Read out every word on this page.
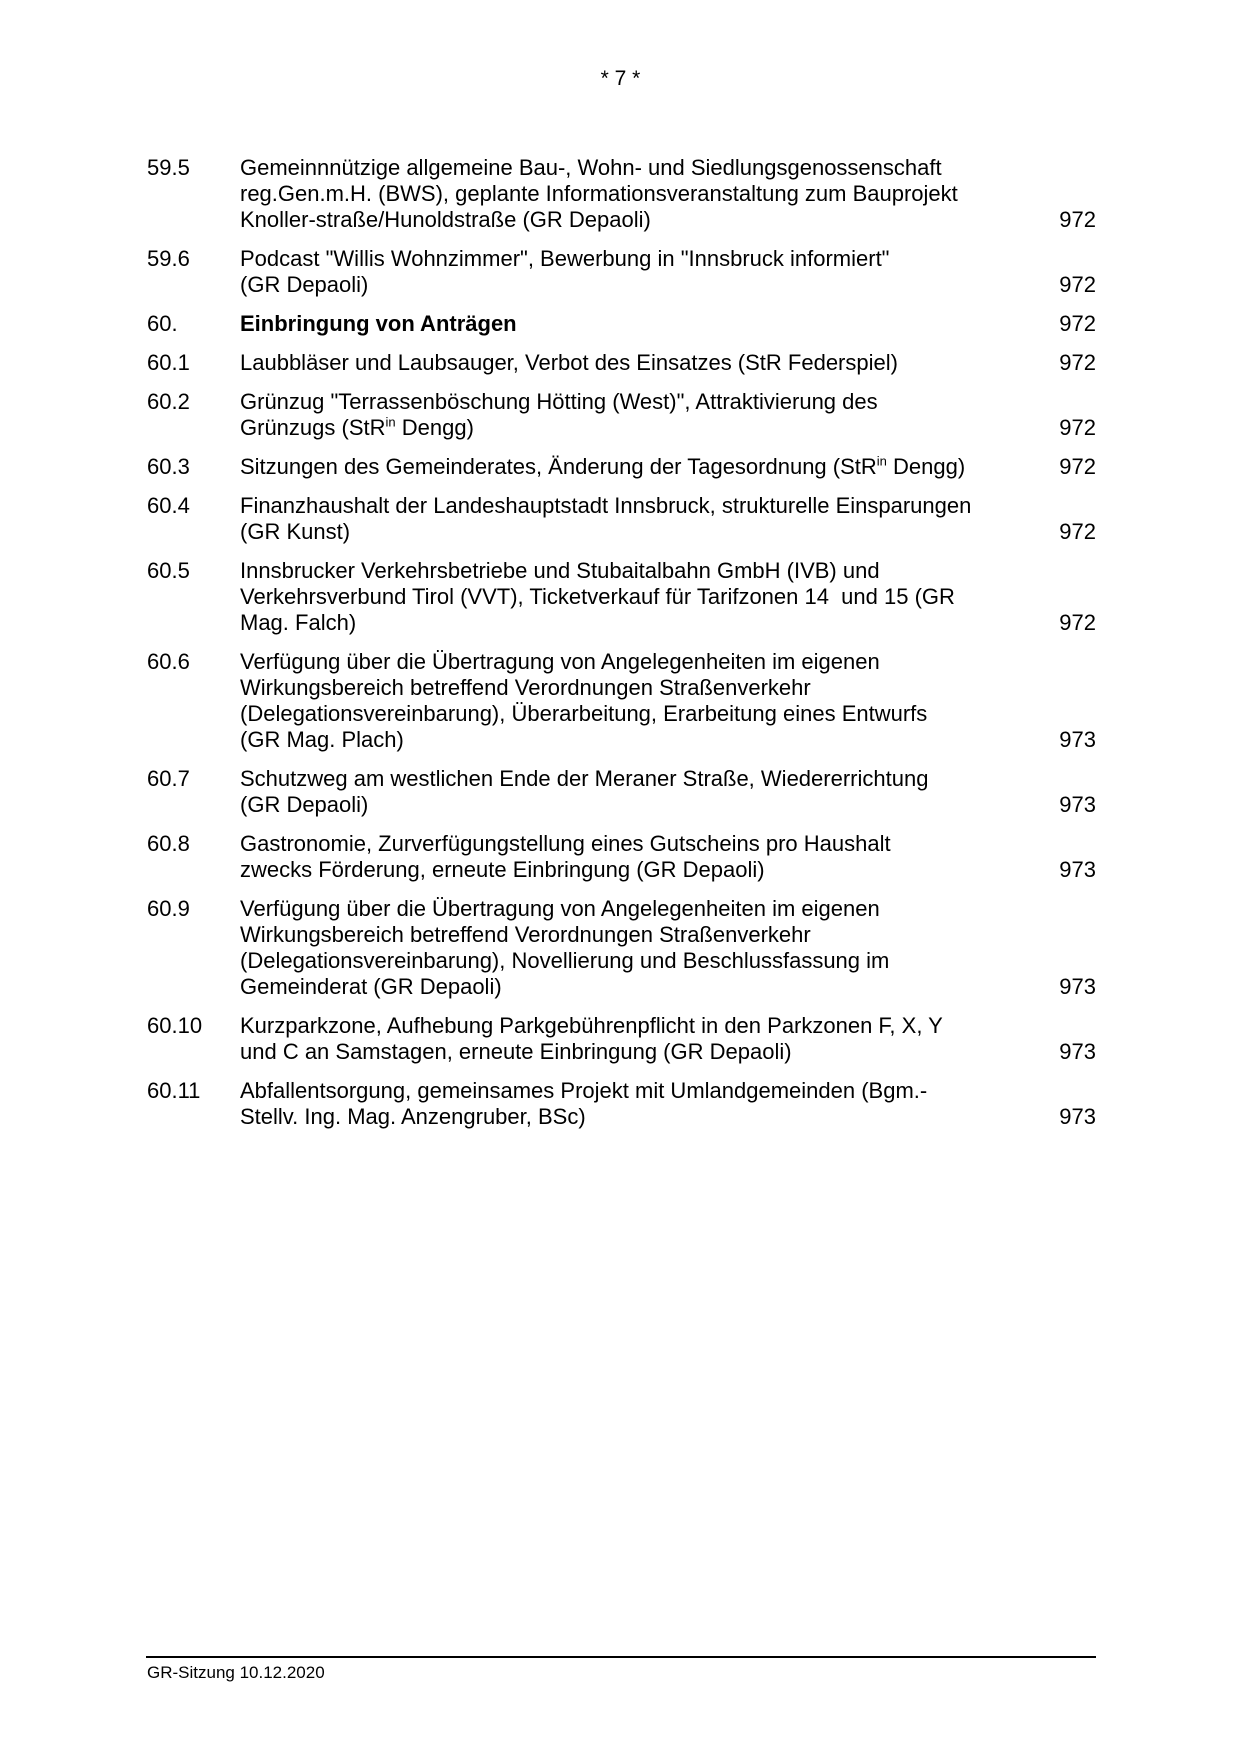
* 7 *
59.5	Gemeinnnützige allgemeine Bau-, Wohn- und Siedlungsgenossenschaft
reg.Gen.m.H. (BWS), geplante Informationsveranstaltung zum Bauprojekt
Knoller-straße/Hunoldstraße (GR Depaoli)	972
59.6	Podcast "Willis Wohnzimmer", Bewerbung in "Innsbruck informiert"
(GR Depaoli)	972
60.	Einbringung von Anträgen	972
60.1	Laubbläser und Laubsauger, Verbot des Einsatzes (StR Federspiel)	972
60.2	Grünzug "Terrassenböschung Hötting (West)", Attraktivierung des
Grünzugs (StR$^{in}$ Dengg)	972
60.3	Sitzungen des Gemeinderates, Änderung der Tagesordnung (StR$^{in}$ Dengg)	972
60.4	Finanzhaushalt der Landeshauptstadt Innsbruck, strukturelle Einsparungen
(GR Kunst)	972
60.5	Innsbrucker Verkehrsbetriebe und Stubaitalbahn GmbH (IVB) und
Verkehrsverbund Tirol (VVT), Ticketverkauf für Tarifzonen 14  und 15 (GR
Mag. Falch)	972
60.6	Verfügung über die Übertragung von Angelegenheiten im eigenen
Wirkungsbereich betreffend Verordnungen Straßenverkehr
(Delegationsvereinbarung), Überarbeitung, Erarbeitung eines Entwurfs
(GR Mag. Plach)	973
60.7	Schutzweg am westlichen Ende der Meraner Straße, Wiedererrichtung
(GR Depaoli)	973
60.8	Gastronomie, Zurverfügungstellung eines Gutscheins pro Haushalt
zwecks Förderung, erneute Einbringung (GR Depaoli)	973
60.9	Verfügung über die Übertragung von Angelegenheiten im eigenen
Wirkungsbereich betreffend Verordnungen Straßenverkehr
(Delegationsvereinbarung), Novellierung und Beschlussfassung im
Gemeinderat (GR Depaoli)	973
60.10	Kurzparkzone, Aufhebung Parkgebührenpflicht in den Parkzonen F, X, Y
und C an Samstagen, erneute Einbringung (GR Depaoli)	973
60.11	Abfallentsorgung, gemeinsames Projekt mit Umlandgemeinden (Bgm.-
Stellv. Ing. Mag. Anzengruber, BSc)	973
GR-Sitzung 10.12.2020
